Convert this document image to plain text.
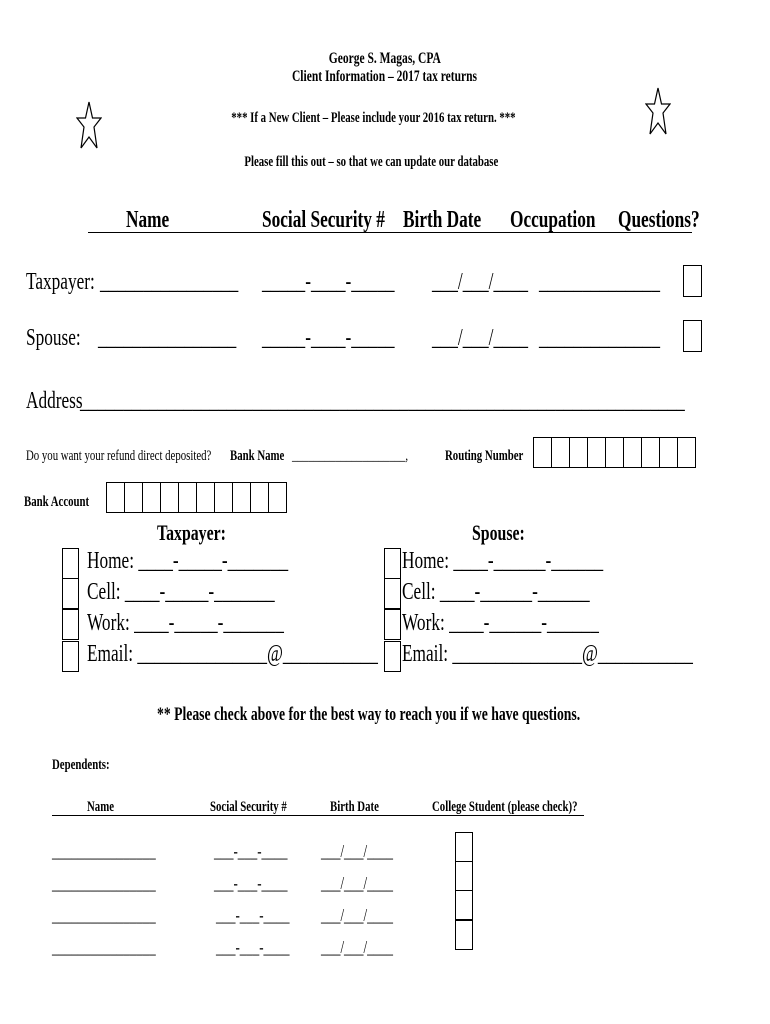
George S. Magas, CPA
Client Information – 2017 tax returns
*** If a New Client – Please include your 2016 tax return. ***
Please fill this out – so that we can update our database
Name	Social Security # Birth Date	Occupation Questions?
Taxpayer: ________________ _____-____-_____	___/___/____ ______________
Spouse: ________________	_____-____-_____	___/___/____ ______________
Address
______________________________________________________________________
Do you want your refund direct deposited?	Bank Name _____________________,	Routing Number
Bank Account
Taxpayer:	Spouse:
Home: ____-_____-_______
Cell: ____-_____-_______
Work: ____-_____-_______
Email: _______________@___________
Home: ____-______-______
Cell: ____-______-______
Work: ____-______-______
Email: _______________@___________
** Please check above for the best way to reach you if we have questions.
Dependents:
Name	Social Security #	Birth Date	College Student (please check)?
________________	___-___-____	___/___/____
________________	___-___-____	___/___/____
________________	___-___-____	___/___/____
________________	___-___-____	___/___/____
